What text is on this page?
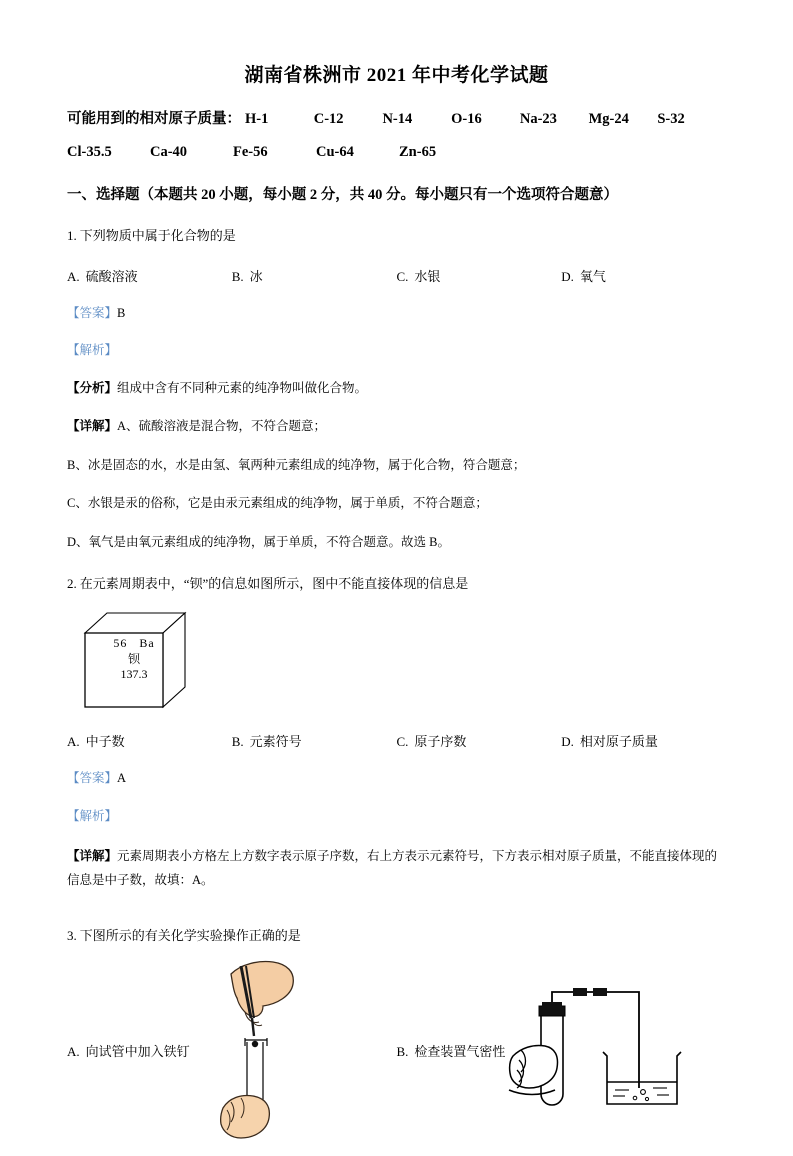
湖南省株洲市 2021 年中考化学试题
可能用到的相对原子质量： H-1	C-12	N-14	O-16	Na-23	Mg-24	S-32
Cl-35.5	Ca-40	Fe-56	Cu-64	Zn-65
一、选择题（本题共 20 小题，每小题 2 分，共 40 分。每小题只有一个选项符合题意）
1. 下列物质中属于化合物的是
A. 硫酸溶液	B. 冰	C. 水银	D. 氧气
【答案】B
【解析】
【分析】组成中含有不同种元素的纯净物叫做化合物。
【详解】A、硫酸溶液是混合物，不符合题意；
B、冰是固态的水，水是由氢、氧两种元素组成的纯净物，属于化合物，符合题意；
C、水银是汞的俗称，它是由汞元素组成的纯净物，属于单质，不符合题意；
D、氧气是由氧元素组成的纯净物，属于单质，不符合题意。故选 B。
2. 在元素周期表中，“钡”的信息如图所示，图中不能直接体现的信息是
56 Ba
钡
137.3
A. 中子数	B. 元素符号	C. 原子序数	D. 相对原子质量
【答案】A
【解析】
【详解】元素周期表小方格左上方数字表示原子序数，右上方表示元素符号，下方表示相对原子质量，不能直接体现的信息是中子数，故填：A。
3. 下图所示的有关化学实验操作正确的是
A. 向试管中加入铁钉	B. 检查装置气密性
